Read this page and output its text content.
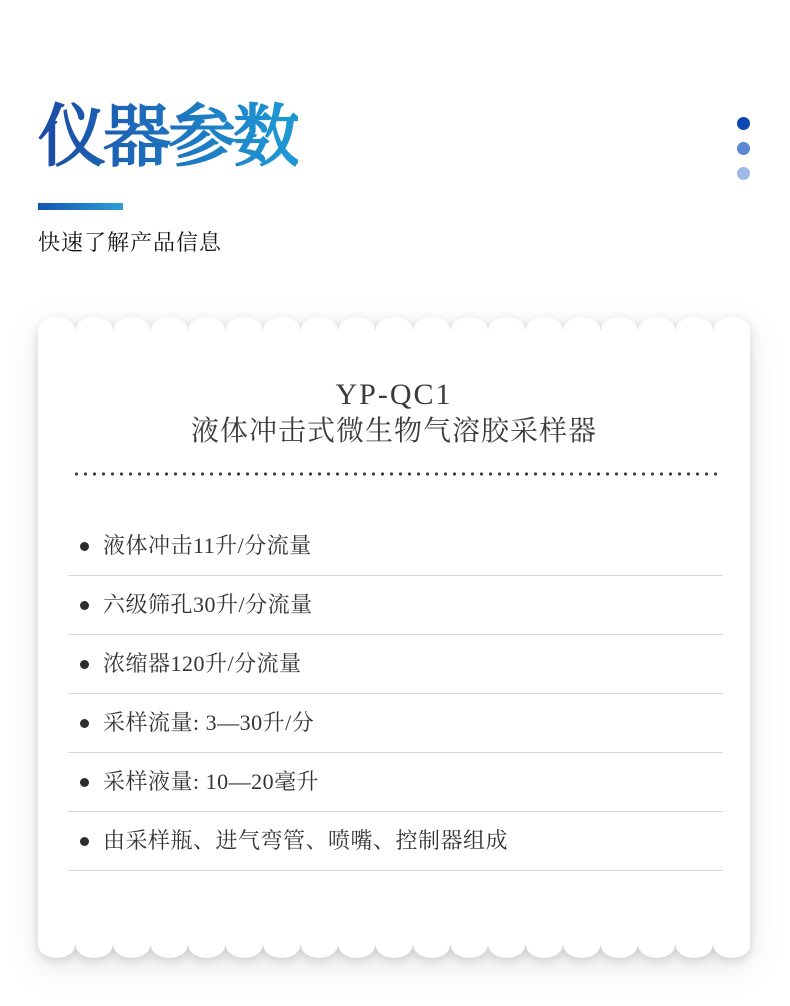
仪器参数

快速了解产品信息

YP-QC1
液体冲击式微生物气溶胶采样器
液体冲击11升/分流量
六级筛孔30升/分流量
浓缩器120升/分流量
采样流量: 3—30升/分
采样液量: 10—20毫升
由采样瓶、进气弯管、喷嘴、控制器组成
